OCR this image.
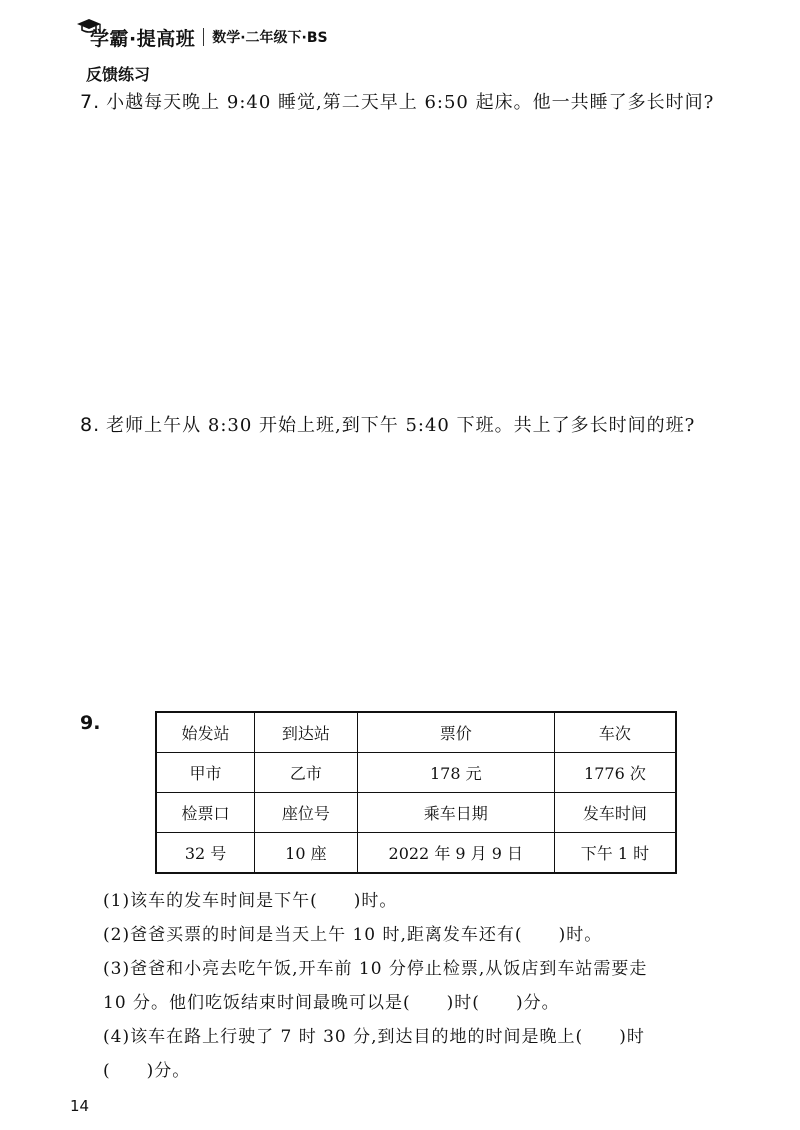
学霸·提高班 数学·二年级下·BS
反馈练习
7. 小越每天晚上 9:40 睡觉,第二天早上 6:50 起床。他一共睡了多长时间?
8. 老师上午从 8:30 开始上班,到下午 5:40 下班。共上了多长时间的班?
9.	始发站	到达站	票价	车次
甲市	乙市	178 元	1776 次
检票口	座位号	乘车日期	发车时间
32 号	10 座	2022 年 9 月 9 日	下午 1 时
(1)该车的发车时间是下午( )时。
(2)爸爸买票的时间是当天上午 10 时,距离发车还有( )时。
(3)爸爸和小亮去吃午饭,开车前 10 分停止检票,从饭店到车站需要走
10 分。他们吃饭结束时间最晚可以是( )时( )分。
(4)该车在路上行驶了 7 时 30 分,到达目的地的时间是晚上( )时
( )分。
14
